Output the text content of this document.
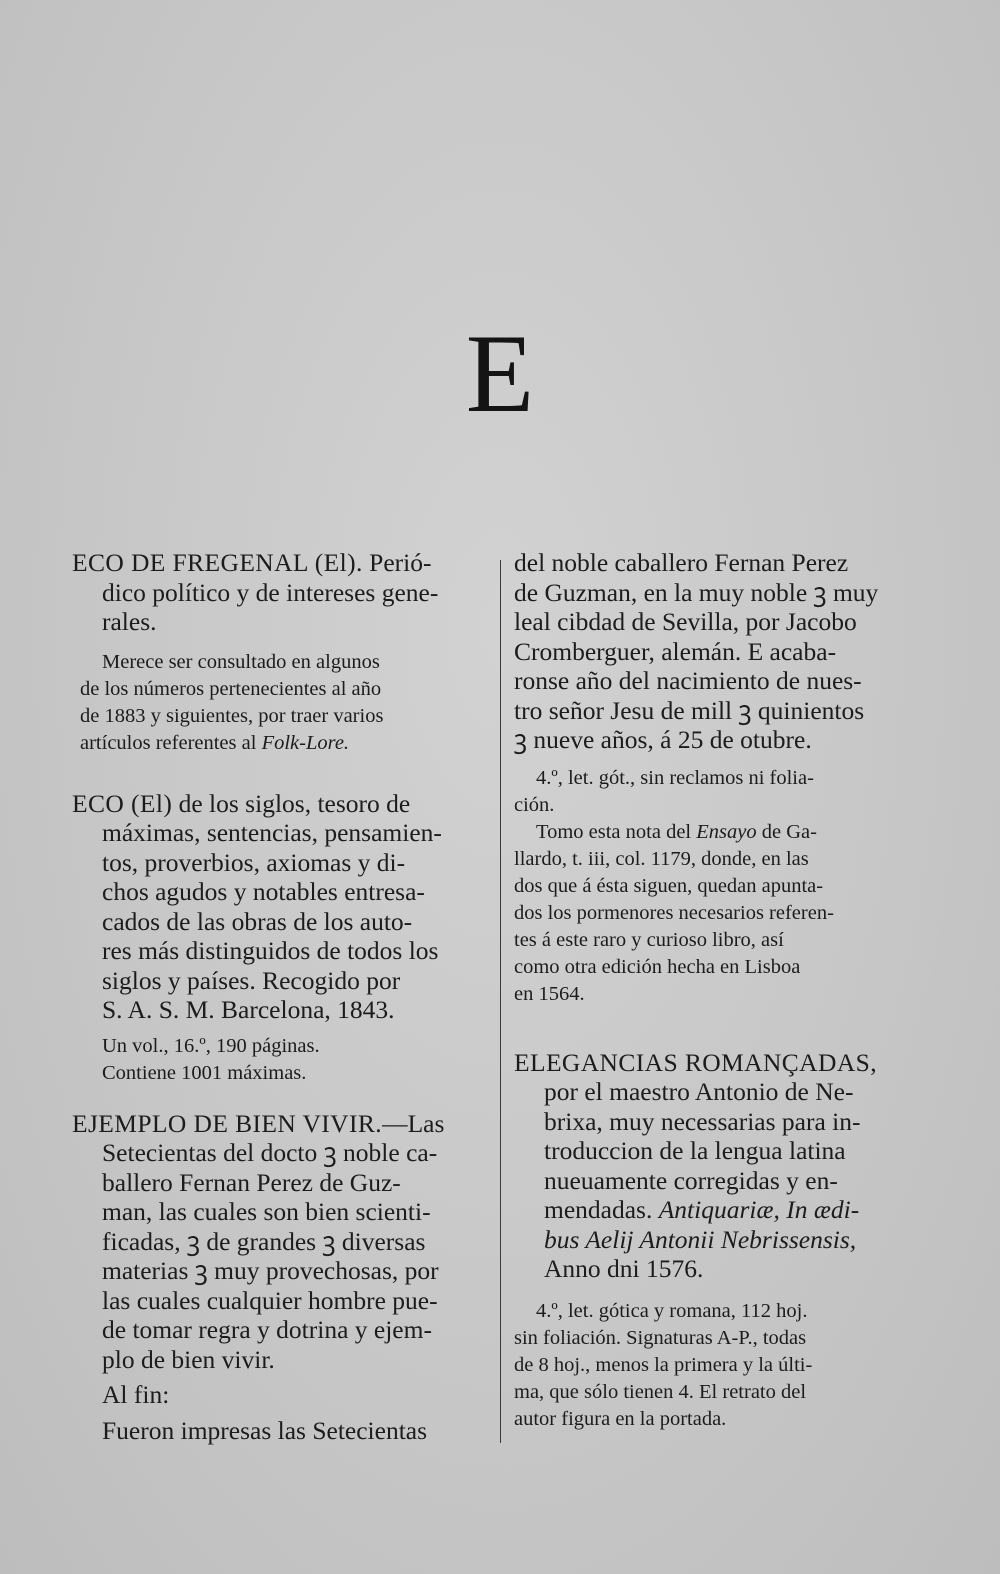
E

ECO DE FREGENAL (El). Perió-
dico político y de intereses gene-
rales.

Merece ser consultado en algunos
de los números pertenecientes al año
de 1883 y siguientes, por traer varios
artículos referentes al Folk-Lore.

ECO (El) de los siglos, tesoro de
máximas, sentencias, pensamien-
tos, proverbios, axiomas y di-
chos agudos y notables entresa-
cados de las obras de los auto-
res más distinguidos de todos los
siglos y países. Recogido por
S. A. S. M. Barcelona, 1843.

Un vol., 16.º, 190 páginas.
Contiene 1001 máximas.

EJEMPLO DE BIEN VIVIR.—Las
Setecientas del docto ꝫ noble ca-
ballero Fernan Perez de Guz-
man, las cuales son bien scienti-
ficadas, ꝫ de grandes ꝫ diversas
materias ꝫ muy provechosas, por
las cuales cualquier hombre pue-
de tomar regra y dotrina y ejem-
plo de bien vivir.

Al fin:

Fueron impresas las Setecientas

del noble caballero Fernan Perez
de Guzman, en la muy noble ꝫ muy
leal cibdad de Sevilla, por Jacobo
Cromberguer, alemán. E acaba-
ronse año del nacimiento de nues-
tro señor Jesu de mill ꝫ quinientos
ꝫ nueve años, á 25 de otubre.

4.º, let. gót., sin reclamos ni folia-
ción.

Tomo esta nota del Ensayo de Ga-
llardo, t. iii, col. 1179, donde, en las
dos que á ésta siguen, quedan apunta-
dos los pormenores necesarios referen-
tes á este raro y curioso libro, así
como otra edición hecha en Lisboa
en 1564.

ELEGANCIAS ROMANÇADAS,
por el maestro Antonio de Ne-
brixa, muy necessarias para in-
troduccion de la lengua latina
nueuamente corregidas y en-
mendadas. Antiquariæ, In ædi-
bus Aelij Antonii Nebrissensis,
Anno dni 1576.

4.º, let. gótica y romana, 112 hoj.
sin foliación. Signaturas A-P., todas
de 8 hoj., menos la primera y la últi-
ma, que sólo tienen 4. El retrato del
autor figura en la portada.
